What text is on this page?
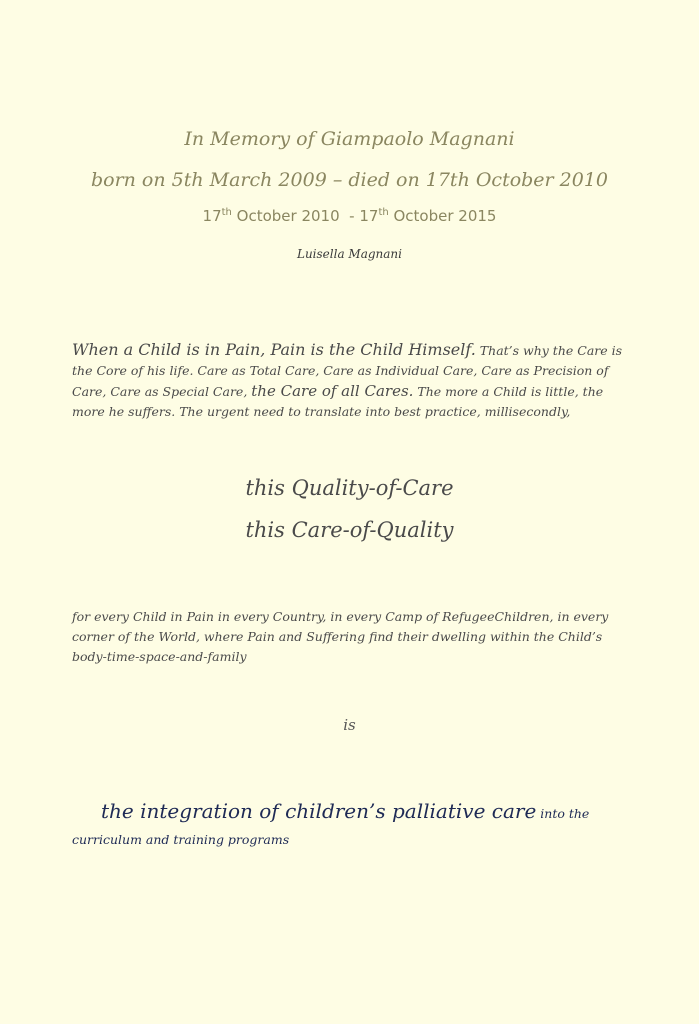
In Memory of Giampaolo Magnani
born on 5th March 2009 – died on 17th October 2010
17th October 2010  - 17th October 2015
Luisella Magnani
When a Child is in Pain, Pain is the Child Himself. That’s why the Care is the Core of his life. Care as Total Care, Care as Individual Care, Care as Precision of Care, Care as Special Care, the Care of all Cares. The more a Child is little, the more he suffers. The urgent need to translate into best practice, millisecondly,
this Quality-of-Care
this Care-of-Quality
for every Child in Pain in every Country, in every Camp of RefugeeChildren, in every corner of the World, where Pain and Suffering find their dwelling within the Child’s body-time-space-and-family
is
the integration of children’s palliative care into the curriculum and training programs
